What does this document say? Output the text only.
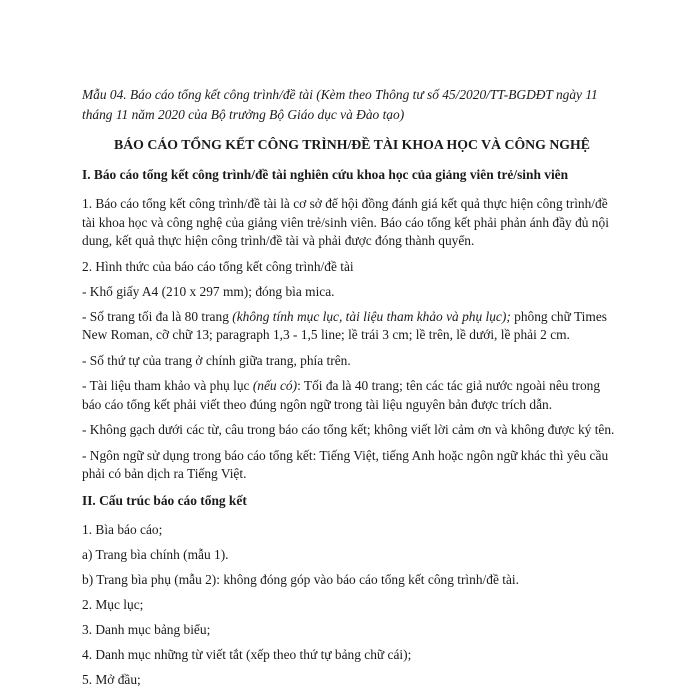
Mẫu 04. Báo cáo tổng kết công trình/đề tài (Kèm theo Thông tư số 45/2020/TT-BGDĐT ngày 11 tháng 11 năm 2020 của Bộ trưởng Bộ Giáo dục và Đào tạo)

BÁO CÁO TỔNG KẾT CÔNG TRÌNH/ĐỀ TÀI KHOA HỌC VÀ CÔNG NGHỆ

I. Báo cáo tổng kết công trình/đề tài nghiên cứu khoa học của giảng viên trẻ/sinh viên

1. Báo cáo tổng kết công trình/đề tài là cơ sở để hội đồng đánh giá kết quả thực hiện công trình/đề tài khoa học và công nghệ của giảng viên trẻ/sinh viên. Báo cáo tổng kết phải phản ánh đầy đủ nội dung, kết quả thực hiện công trình/đề tài và phải được đóng thành quyển.

2. Hình thức của báo cáo tổng kết công trình/đề tài

- Khổ giấy A4 (210 x 297 mm); đóng bìa mica.

- Số trang tối đa là 80 trang (không tính mục lục, tài liệu tham khảo và phụ lục); phông chữ Times New Roman, cỡ chữ 13; paragraph 1,3 - 1,5 line; lề trái 3 cm; lề trên, lề dưới, lề phải 2 cm.

- Số thứ tự của trang ở chính giữa trang, phía trên.

- Tài liệu tham khảo và phụ lục (nếu có): Tối đa là 40 trang; tên các tác giả nước ngoài nêu trong báo cáo tổng kết phải viết theo đúng ngôn ngữ trong tài liệu nguyên bản được trích dẫn.

- Không gạch dưới các từ, câu trong báo cáo tổng kết; không viết lời cảm ơn và không được ký tên.

- Ngôn ngữ sử dụng trong báo cáo tổng kết: Tiếng Việt, tiếng Anh hoặc ngôn ngữ khác thì yêu cầu phải có bản dịch ra Tiếng Việt.

II. Cấu trúc báo cáo tổng kết

1. Bìa báo cáo;

a) Trang bìa chính (mẫu 1).

b) Trang bìa phụ (mẫu 2): không đóng góp vào báo cáo tổng kết công trình/đề tài.

2. Mục lục;

3. Danh mục bảng biểu;

4. Danh mục những từ viết tắt (xếp theo thứ tự bảng chữ cái);

5. Mở đầu;
